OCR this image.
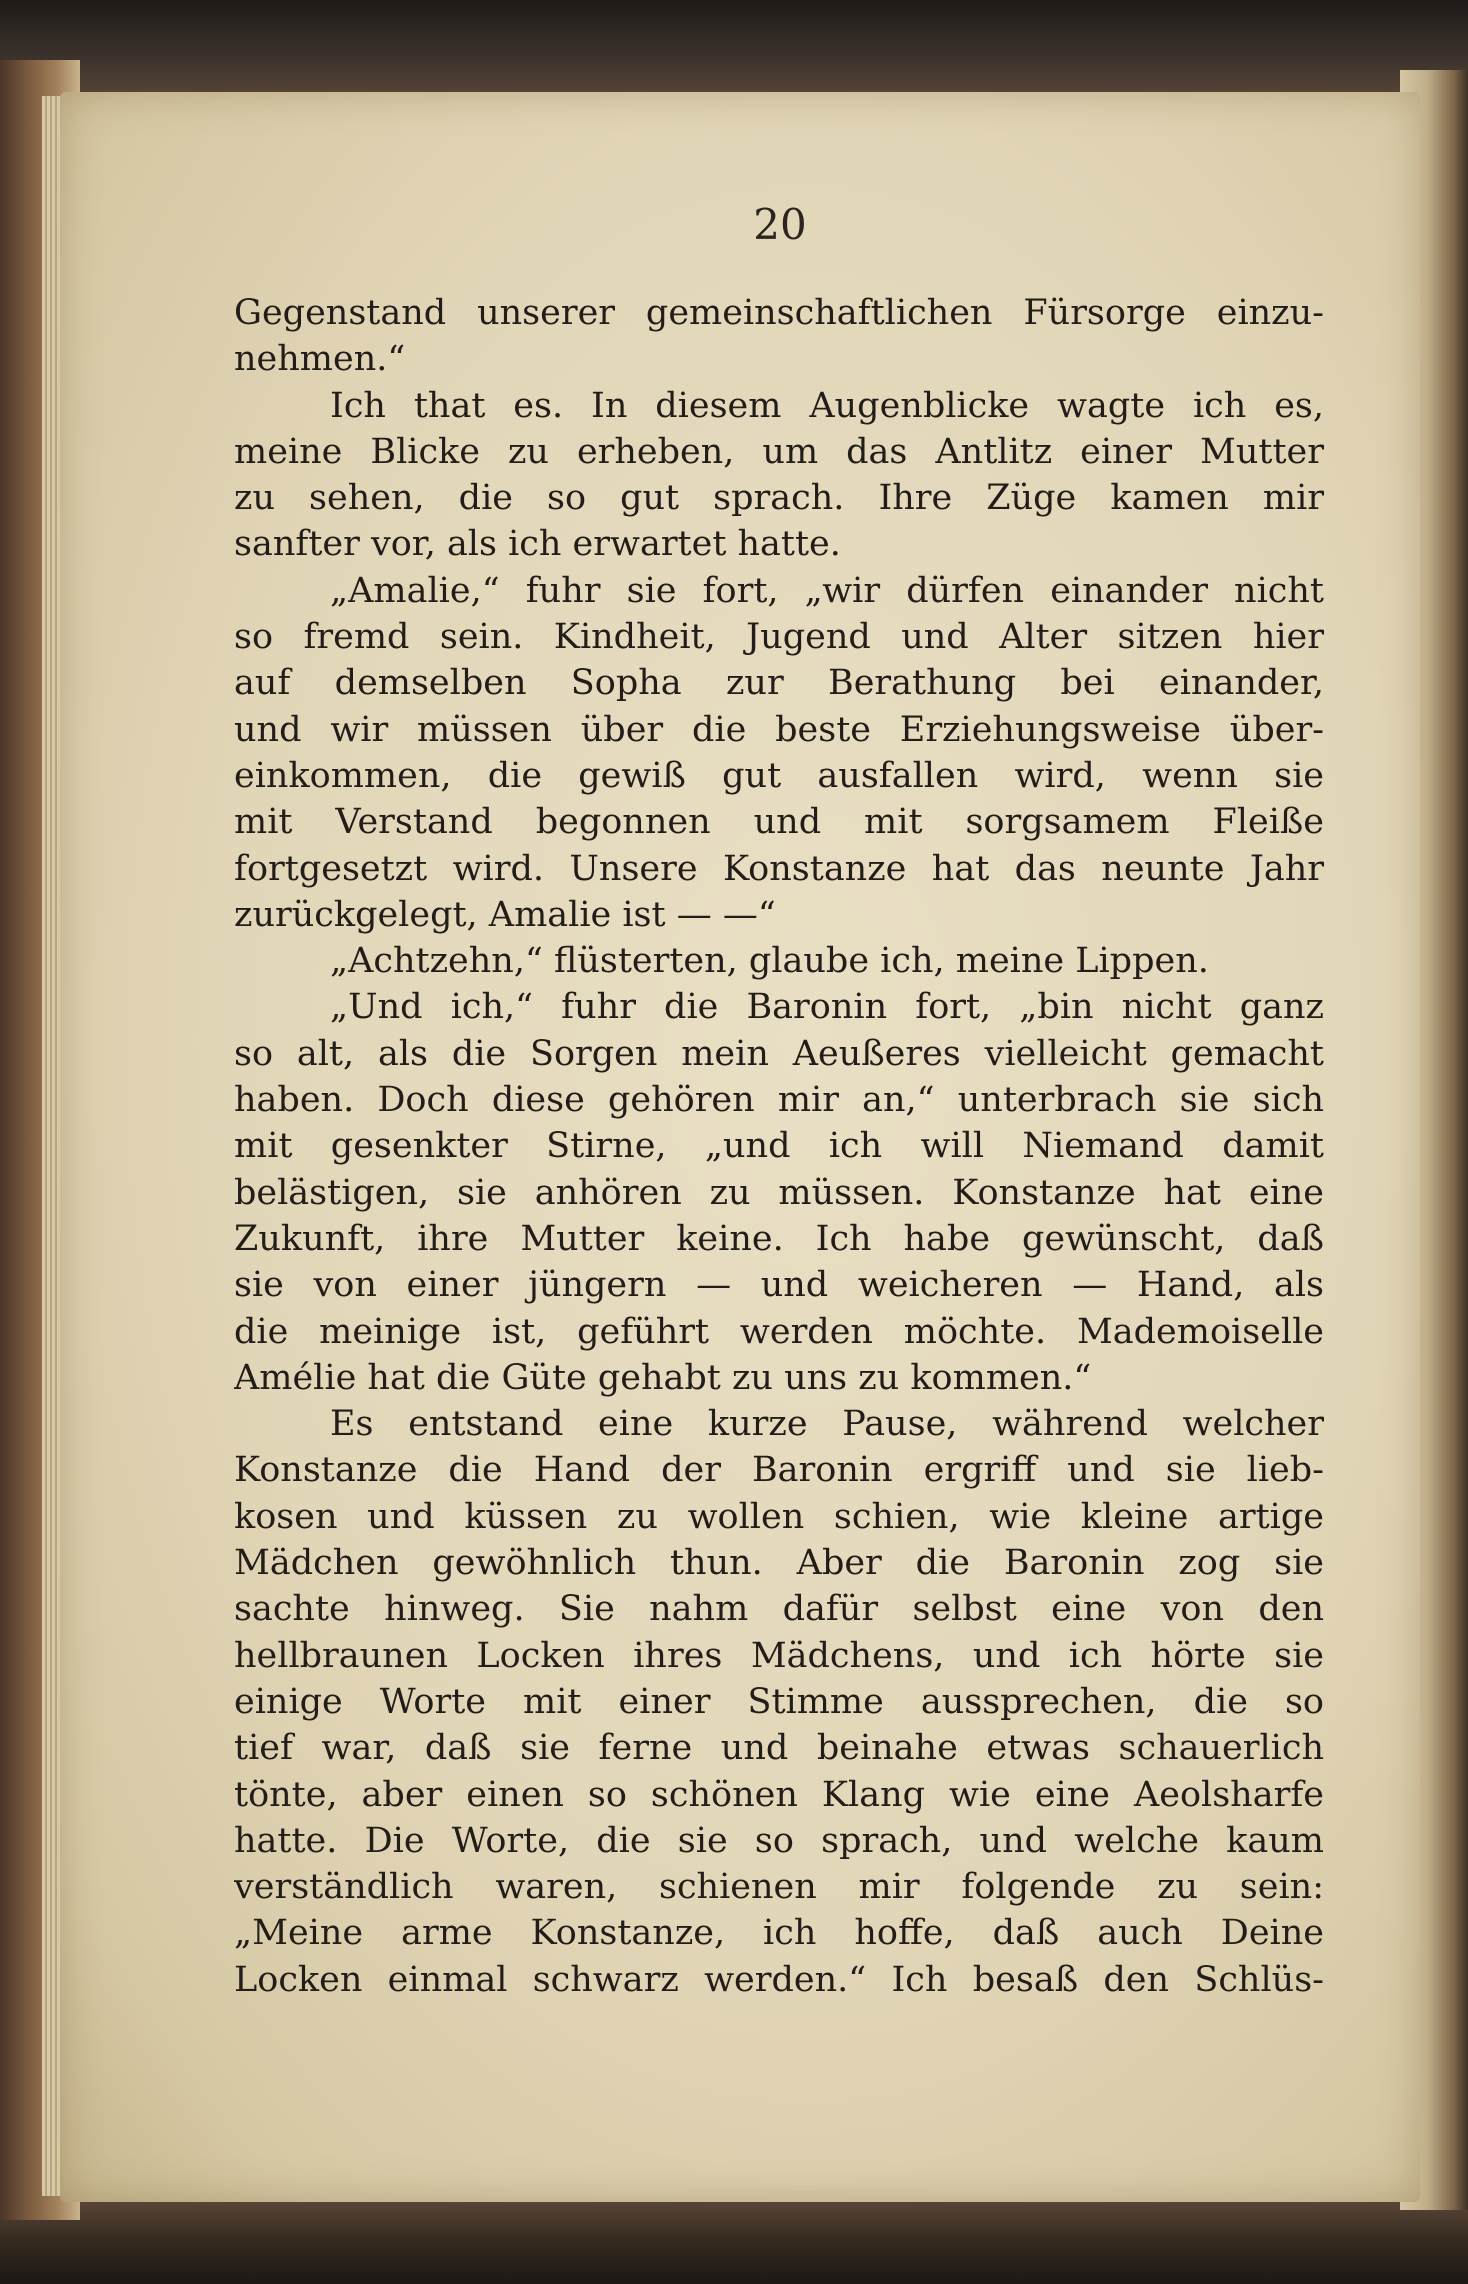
20
Gegenstand unserer gemeinschaftlichen Fürsorge einzu-
nehmen.“
Ich that es. In diesem Augenblicke wagte ich es,
meine Blicke zu erheben, um das Antlitz einer Mutter
zu sehen, die so gut sprach. Ihre Züge kamen mir
sanfter vor, als ich erwartet hatte.
„Amalie,“ fuhr sie fort, „wir dürfen einander nicht
so fremd sein. Kindheit, Jugend und Alter sitzen hier
auf demselben Sopha zur Berathung bei einander,
und wir müssen über die beste Erziehungsweise über-
einkommen, die gewiß gut ausfallen wird, wenn sie
mit Verstand begonnen und mit sorgsamem Fleiße
fortgesetzt wird. Unsere Konstanze hat das neunte Jahr
zurückgelegt, Amalie ist — —“
„Achtzehn,“ flüsterten, glaube ich, meine Lippen.
„Und ich,“ fuhr die Baronin fort, „bin nicht ganz
so alt, als die Sorgen mein Aeußeres vielleicht gemacht
haben. Doch diese gehören mir an,“ unterbrach sie sich
mit gesenkter Stirne, „und ich will Niemand damit
belästigen, sie anhören zu müssen. Konstanze hat eine
Zukunft, ihre Mutter keine. Ich habe gewünscht, daß
sie von einer jüngern — und weicheren — Hand, als
die meinige ist, geführt werden möchte. Mademoiselle
Amélie hat die Güte gehabt zu uns zu kommen.“
Es entstand eine kurze Pause, während welcher
Konstanze die Hand der Baronin ergriff und sie lieb-
kosen und küssen zu wollen schien, wie kleine artige
Mädchen gewöhnlich thun. Aber die Baronin zog sie
sachte hinweg. Sie nahm dafür selbst eine von den
hellbraunen Locken ihres Mädchens, und ich hörte sie
einige Worte mit einer Stimme aussprechen, die so
tief war, daß sie ferne und beinahe etwas schauerlich
tönte, aber einen so schönen Klang wie eine Aeolsharfe
hatte. Die Worte, die sie so sprach, und welche kaum
verständlich waren, schienen mir folgende zu sein:
„Meine arme Konstanze, ich hoffe, daß auch Deine
Locken einmal schwarz werden.“ Ich besaß den Schlüs-
